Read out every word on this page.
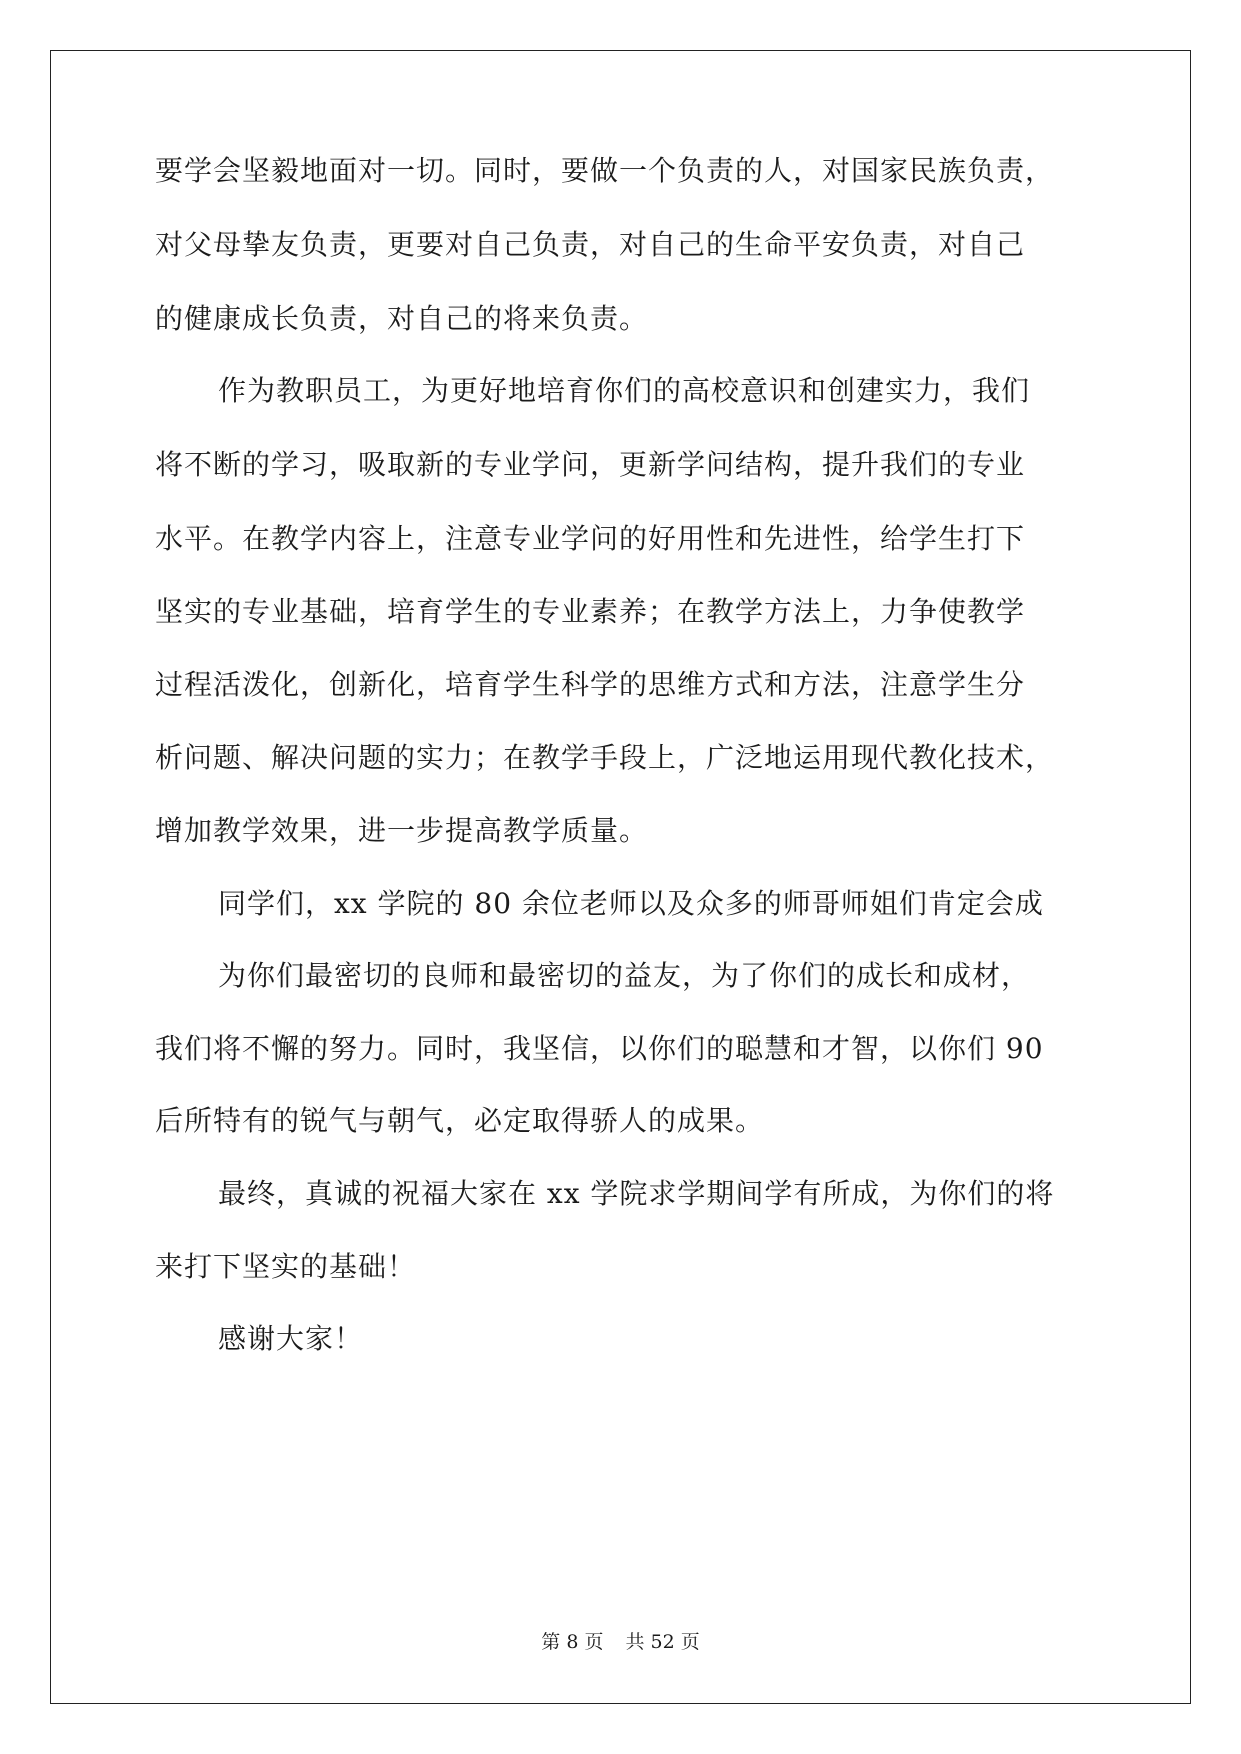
要学会坚毅地面对一切。同时，要做一个负责的人，对国家民族负责，
对父母挚友负责，更要对自己负责，对自己的生命平安负责，对自己
的健康成长负责，对自己的将来负责。
作为教职员工，为更好地培育你们的高校意识和创建实力，我们
将不断的学习，吸取新的专业学问，更新学问结构，提升我们的专业
水平。在教学内容上，注意专业学问的好用性和先进性，给学生打下
坚实的专业基础，培育学生的专业素养；在教学方法上，力争使教学
过程活泼化，创新化，培育学生科学的思维方式和方法，注意学生分
析问题、解决问题的实力；在教学手段上，广泛地运用现代教化技术，
增加教学效果，进一步提高教学质量。
同学们，xx 学院的 80 余位老师以及众多的师哥师姐们肯定会成
为你们最密切的良师和最密切的益友，为了你们的成长和成材，
我们将不懈的努力。同时，我坚信，以你们的聪慧和才智，以你们 90
后所特有的锐气与朝气，必定取得骄人的成果。
最终，真诚的祝福大家在 xx 学院求学期间学有所成，为你们的将
来打下坚实的基础！
感谢大家！
第 8 页 共 52 页
